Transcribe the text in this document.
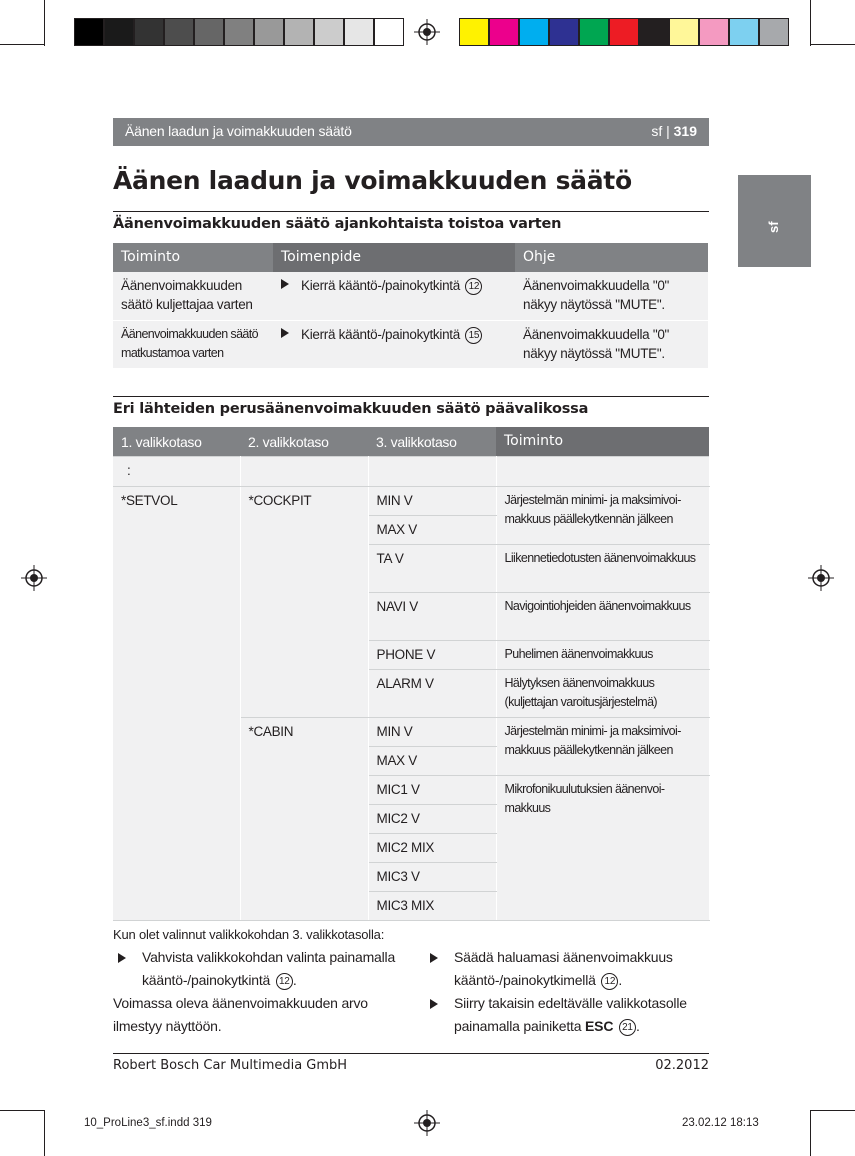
Äänen laadun ja voimakkuuden säätö	sf | 319
sf
Äänen laadun ja voimakkuuden säätö
Äänenvoimakkuuden säätö ajankohtaista toistoa varten
Toiminto	Toimenpide	Ohje
Äänenvoimakkuuden säätö kuljettajaa varten	Kierrä kääntö-/painokytkintä 12	Äänenvoimakkuudella "0" näkyy näytössä "MUTE".
Äänenvoimakkuuden säätö matkustamoa varten	Kierrä kääntö-/painokytkintä 15	Äänenvoimakkuudella "0" näkyy näytössä "MUTE".
Eri lähteiden perusäänenvoimakkuuden säätö päävalikossa
1. valikkotaso	2. valikkotaso	3. valikkotaso	Toiminto
:			
*SETVOL	*COCKPIT	MIN V	Järjestelmän minimi- ja maksimivoimakkuus päällekytkennän jälkeen
		MAX V	
		TA V	Liikennetiedotusten äänenvoimakkuus
		NAVI V	Navigointiohjeiden äänenvoimakkuus
		PHONE V	Puhelimen äänenvoimakkuus
		ALARM V	Hälytyksen äänenvoimakkuus (kuljettajan varoitusjärjestelmä)
	*CABIN	MIN V	Järjestelmän minimi- ja maksimivoimakkuus päällekytkennän jälkeen
		MAX V	
		MIC1 V	Mikrofonikuulutuksien äänenvoimakkuus
		MIC2 V	
		MIC2 MIX	
		MIC3 V	
		MIC3 MIX	
Kun olet valinnut valikkokohdan 3. valikkotasolla:
Vahvista valikkokohdan valinta painamalla kääntö-/painokytkintä 12 .
Voimassa oleva äänenvoimakkuuden arvo ilmestyy näyttöön.
Säädä haluamasi äänenvoimakkuus kääntö-/painokytkimellä 12 .
Siirry takaisin edeltävälle valikkotasolle painamalla painiketta ESC 21 .
Robert Bosch Car Multimedia GmbH	02.2012
10_ProLine3_sf.indd 319	23.02.12 18:13
